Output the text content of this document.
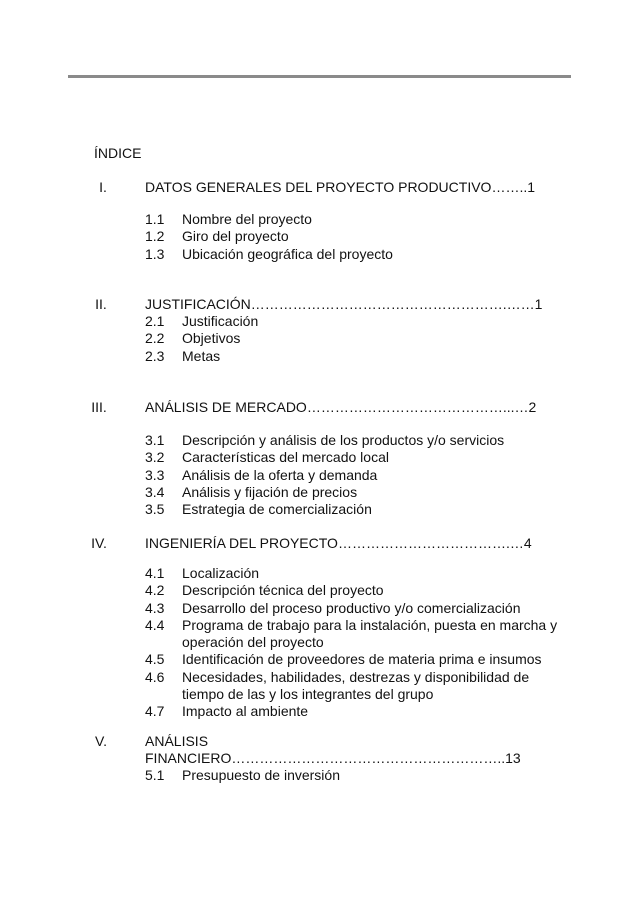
ÍNDICE
I.	DATOS GENERALES DEL PROYECTO PRODUCTIVO……..1
1.1	Nombre del proyecto
1.2	Giro del proyecto
1.3	Ubicación geográfica del proyecto
II.	JUSTIFICACIÓN……………………………………………….……1
2.1	Justificación
2.2	Objetivos
2.3	Metas
III.	ANÁLISIS DE MERCADO……………………………………...…2
3.1	Descripción y análisis de los productos y/o servicios
3.2	Características del mercado local
3.3	Análisis de la oferta y demanda
3.4	Análisis y fijación de precios
3.5	Estrategia de comercialización
IV.	INGENIERÍA DEL PROYECTO……………………………….…4
4.1	Localización
4.2	Descripción técnica del proyecto
4.3	Desarrollo del proceso productivo y/o comercialización
4.4	Programa de trabajo para la instalación, puesta en marcha y operación del proyecto
4.5	Identificación de proveedores de materia prima e insumos
4.6	Necesidades, habilidades, destrezas y disponibilidad de tiempo de las y los integrantes del grupo
4.7	Impacto al ambiente
V.	ANÁLISIS
FINANCIERO…………………………………………………..13
5.1	Presupuesto de inversión
